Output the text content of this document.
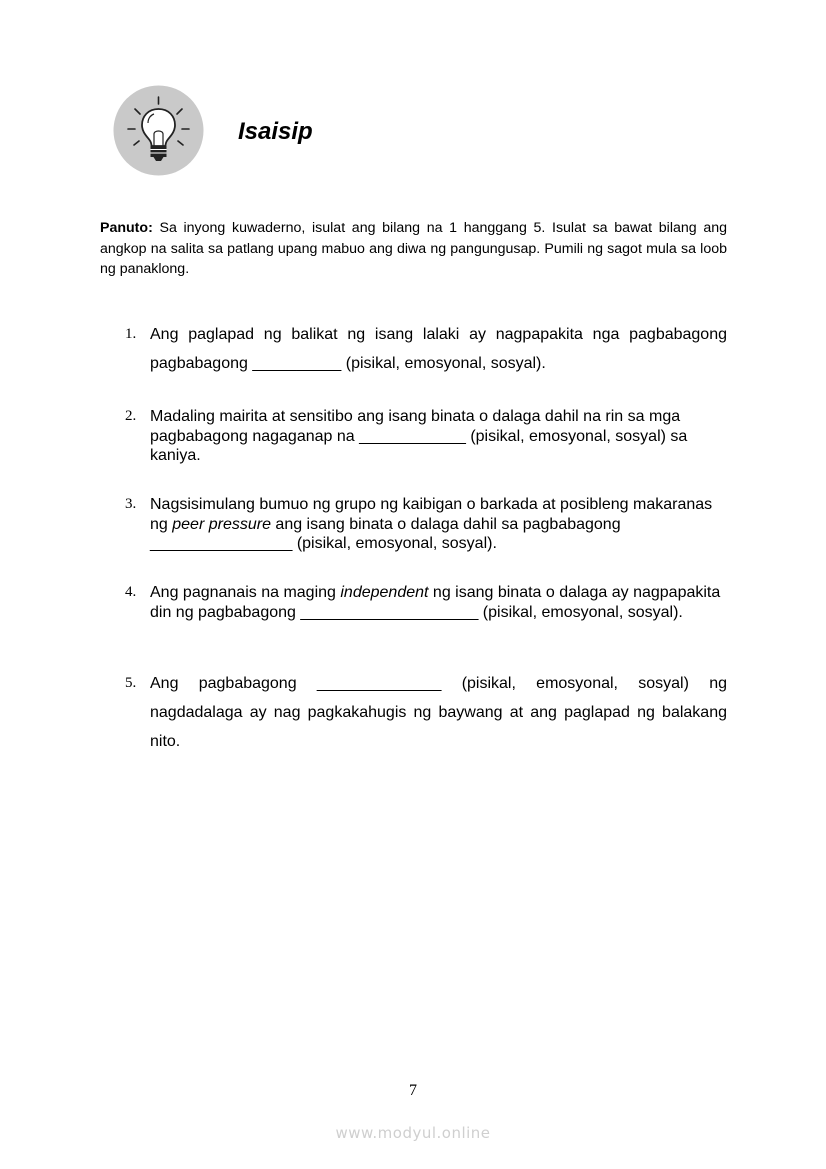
Isaisip

Panuto: Sa inyong kuwaderno, isulat ang bilang na 1 hanggang 5. Isulat sa bawat bilang ang angkop na salita sa patlang upang mabuo ang diwa ng pangungusap. Pumili ng sagot mula sa loob ng panaklong.

1. Ang paglapad ng balikat ng isang lalaki ay nagpapakita nga pagbabagong pagbabagong __________ (pisikal, emosyonal, sosyal).

2. Madaling mairita at sensitibo ang isang binata o dalaga dahil na rin sa mga pagbabagong nagaganap na ____________ (pisikal, emosyonal, sosyal) sa kaniya.

3. Nagsisimulang bumuo ng grupo ng kaibigan o barkada at posibleng makaranas ng peer pressure ang isang binata o dalaga dahil sa pagbabagong ________________ (pisikal, emosyonal, sosyal).

4. Ang pagnanais na maging independent ng isang binata o dalaga ay nagpapakita din ng pagbabagong ____________________ (pisikal, emosyonal, sosyal).

5. Ang pagbabagong ______________ (pisikal, emosyonal, sosyal) ng nagdadalaga ay nag pagkakahugis ng baywang at ang paglapad ng balakang nito.

7
www.modyul.online
